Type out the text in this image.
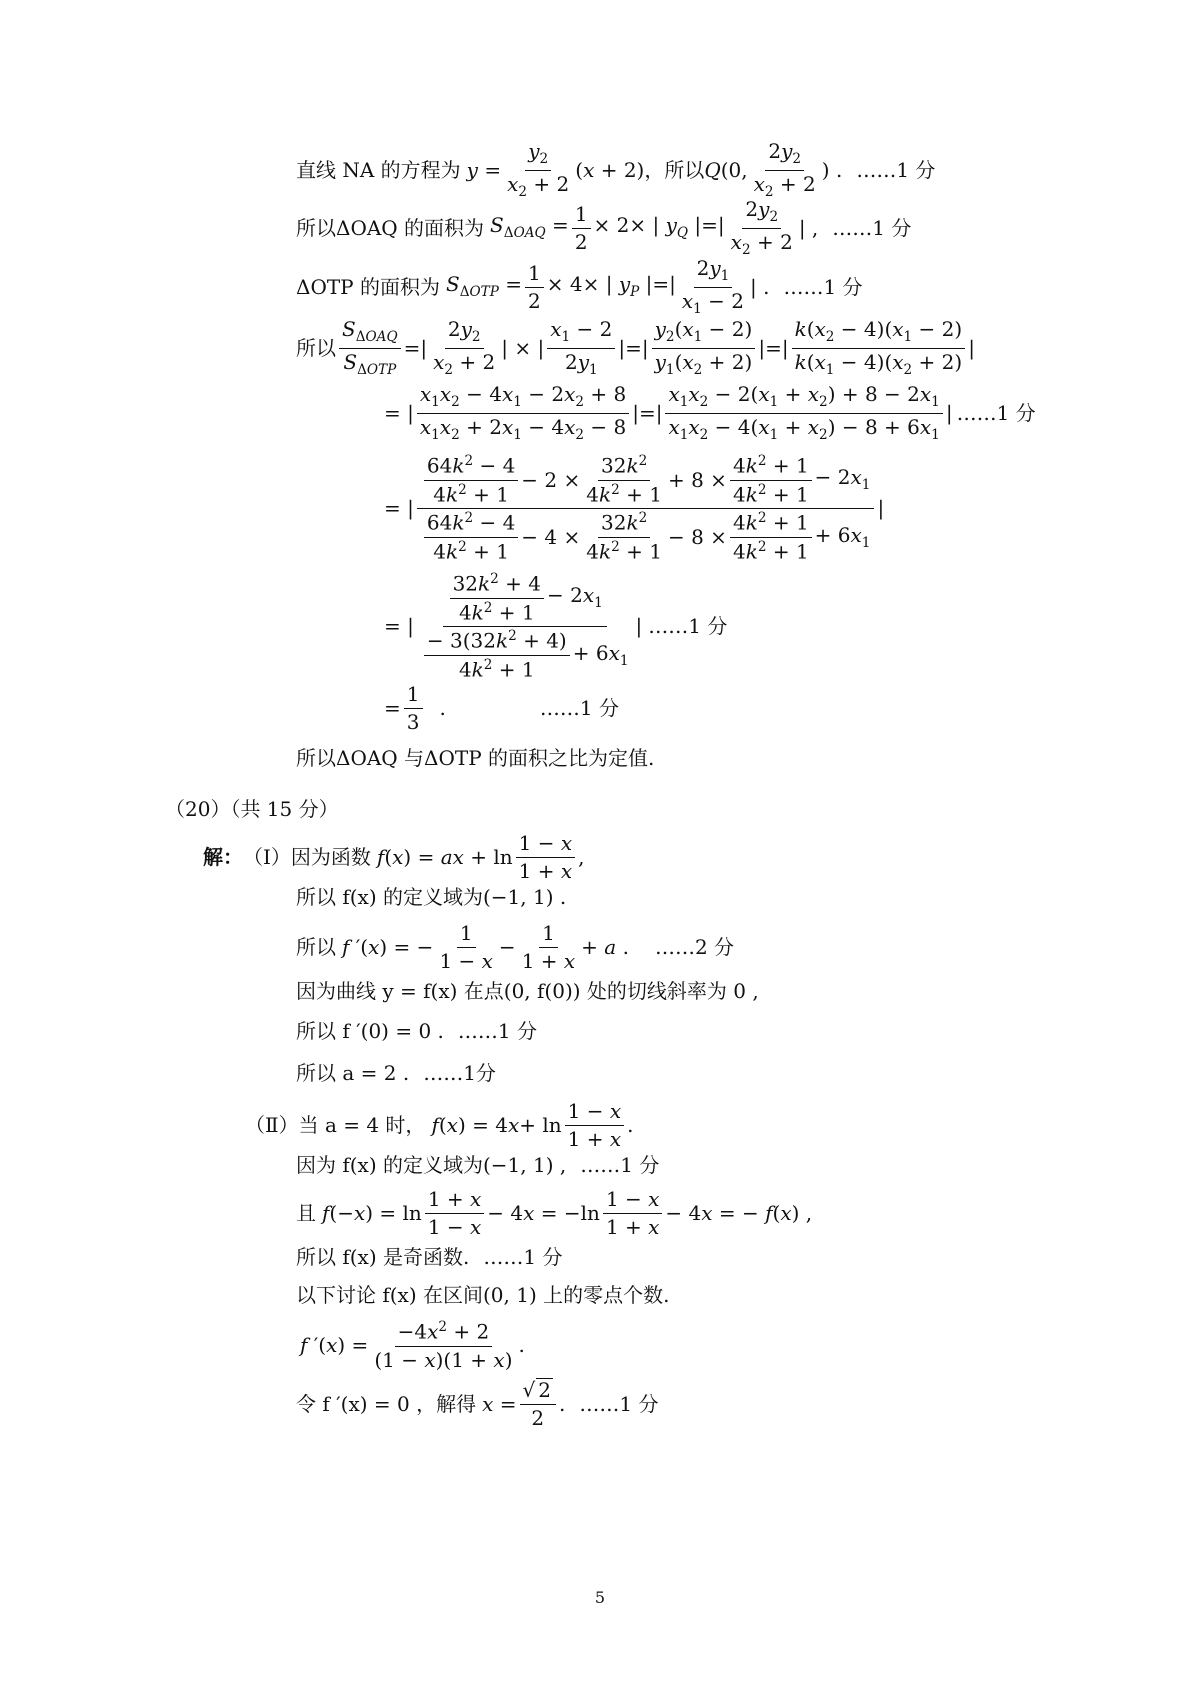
直线 NA 的方程为 $y = \frac{y_2}{x_2 + 2} (x + 2)$ ，所以 Q(0,
$2y_2$
$x_2 + 2$
) . ……1 分
所以ΔOAQ 的面积为 $S_{\Delta OAQ} = \frac{1}{2} \times 2\times$ | $y_Q$ |=|
$2y_2$
$x_2 + 2$
| , ……1 分
ΔOTP 的面积为 $S_{\Delta OTP} = \frac{1}{2} \times 4\times$ | $y_P$ |=|
$2y_1$
$x_1 - 2$
| . ……1 分
所以
$S_{\Delta OAQ}$
$S_{\Delta OTP}$
=|
$2y_2$
$x_2 + 2$
| × |
$x_1 - 2$
$2y_1$
|=|
$y_2(x_1 - 2)$
$y_1(x_2 + 2)$
|=|
$k(x_2 - 4)(x_1 - 2)$
$k(x_1 - 4)(x_2 + 2)$
|
= |
$x_1x_2 - 4x_1 - 2x_2 + 8$
$x_1x_2 + 2x_1 - 4x_2 - 8$
|=|
$x_1x_2 - 2(x_1 + x_2) + 8 - 2x_1$
$x_1x_2 - 4(x_1 + x_2) - 8 + 6x_1$
| ……1 分
= |
$64k^2 - 4$
$4k^2 + 1$
− $2 \times \frac{32k^2}{4k^2 + 1} + 8 \times \frac{4k^2 + 1}{4k^2 + 1} - 2x_1$
$64k^2 - 4$
$4k^2 + 1$
− $4 \times \frac{32k^2}{4k^2 + 1} - 8 \times \frac{4k^2 + 1}{4k^2 + 1} + 6x_1$
|
= |
$32k^2 + 4$
$4k^2 + 1$
− $2x_1$
− $3(32k^2 + 4)$
$4k^2 + 1$
+ $6x_1$
| ……1 分
= $\frac{1}{3}$ .	……1 分
所以ΔOAQ 与ΔOTP 的面积之比为定值.
（20）（共 15 分）
解： （Ⅰ）因为函数 f(x) = ax + ln
1 − x
1 + x
,
所以 f(x) 的定义域为(−1, 1) .
所以 f ′(x) = − $\frac{1}{1 - x} - \frac{1}{1 + x} + a$ . ……2 分
因为曲线 y = f(x) 在点(0, f(0)) 处的切线斜率为 0 ,
所以 f ′(0) = 0 . ……1 分
所以 a = 2 . ……1分
（Ⅱ）当 a = 4 时， f(x) = 4x+ ln
1 − x
1 + x
.
因为 f(x) 的定义域为(−1, 1) , ……1 分
且 f(−x) = ln
1 + x
1 − x
− 4x = −ln
1 − x
1 + x
− 4x = − f(x) ,
所以 f(x) 是奇函数. ……1 分
以下讨论 f(x) 在区间(0, 1) 上的零点个数.
f $'(x) = \frac{-4x^2 + 2}{(1 - x)(1 + x)}$ .
令 f ′(x) = 0 ，解得 $x = \frac{√ 2}{2}$ . ……1 分
5
